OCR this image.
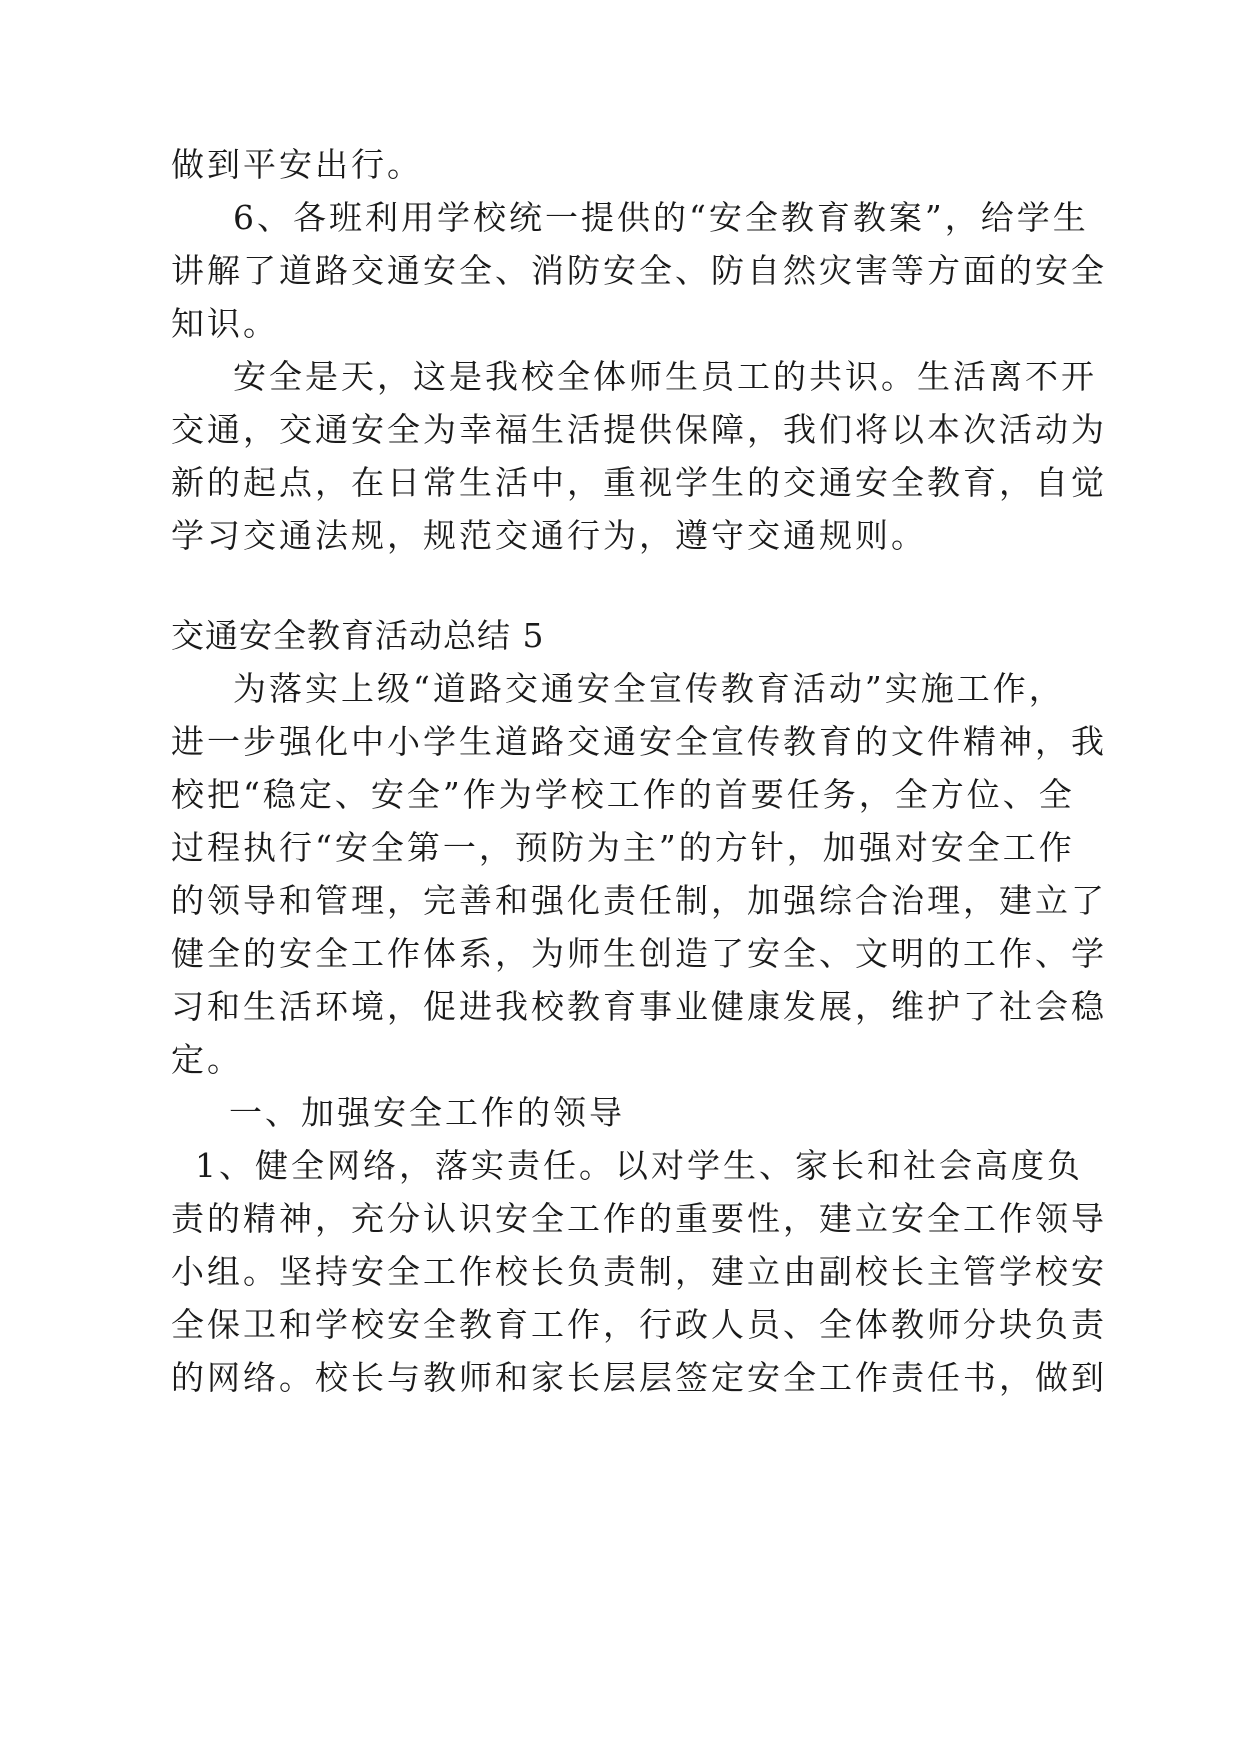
做到平安出行。
6、各班利用学校统一提供的“安全教育教案”，给学生
讲解了道路交通安全、消防安全、防自然灾害等方面的安全
知识。
安全是天，这是我校全体师生员工的共识。生活离不开
交通，交通安全为幸福生活提供保障，我们将以本次活动为
新的起点，在日常生活中，重视学生的交通安全教育，自觉
学习交通法规，规范交通行为，遵守交通规则。
交通安全教育活动总结 5
为落实上级“道路交通安全宣传教育活动”实施工作，
进一步强化中小学生道路交通安全宣传教育的文件精神，我
校把“稳定、安全”作为学校工作的首要任务，全方位、全
过程执行“安全第一，预防为主”的方针，加强对安全工作
的领导和管理，完善和强化责任制，加强综合治理，建立了
健全的安全工作体系，为师生创造了安全、文明的工作、学
习和生活环境，促进我校教育事业健康发展，维护了社会稳
定。
一、加强安全工作的领导
1、健全网络，落实责任。以对学生、家长和社会高度负
责的精神，充分认识安全工作的重要性，建立安全工作领导
小组。坚持安全工作校长负责制，建立由副校长主管学校安
全保卫和学校安全教育工作，行政人员、全体教师分块负责
的网络。校长与教师和家长层层签定安全工作责任书，做到
